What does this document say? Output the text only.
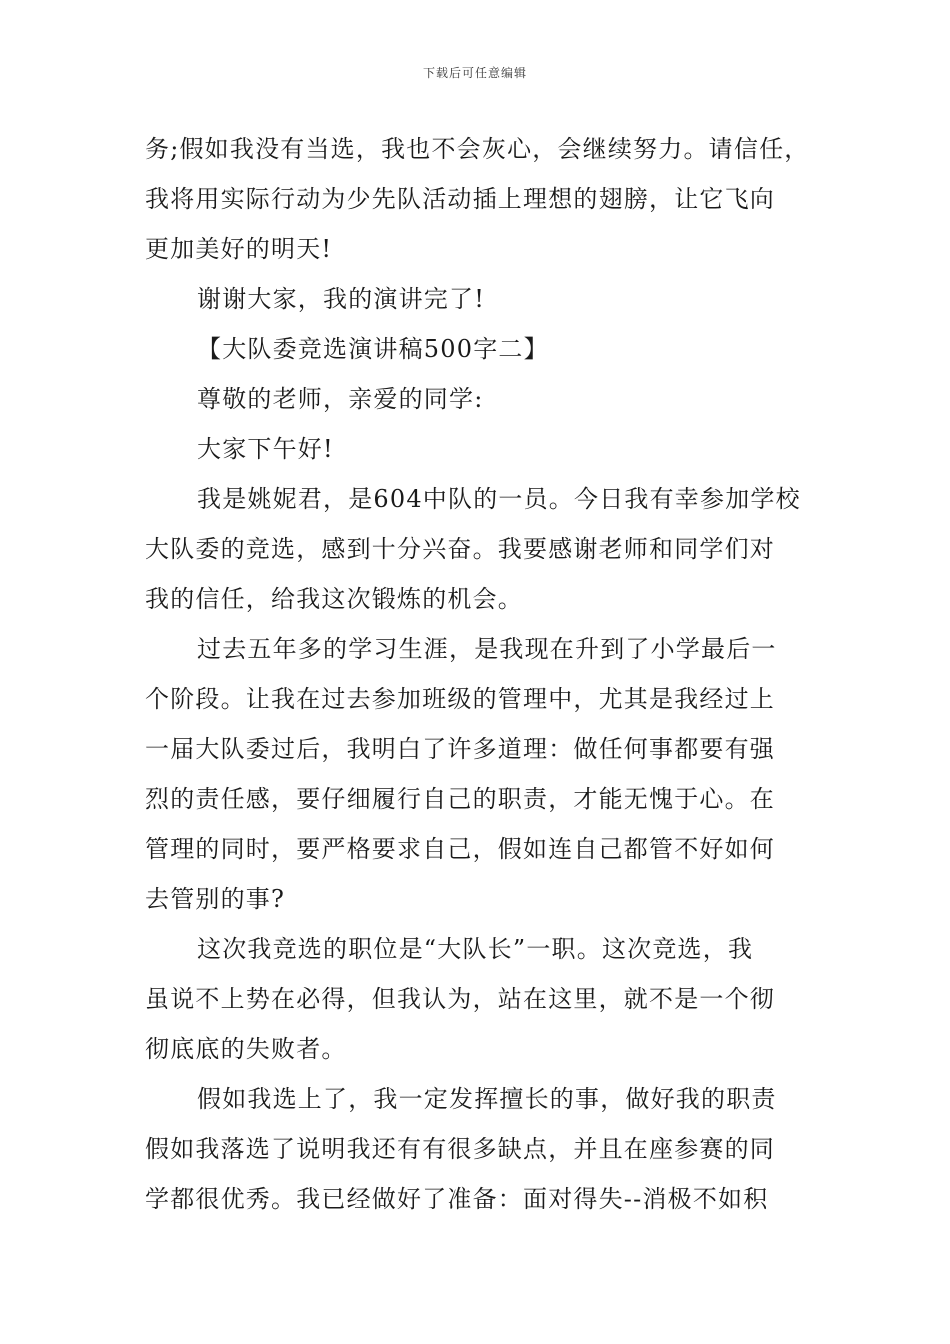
下载后可任意编辑
务;假如我没有当选，我也不会灰心，会继续努力。请信任，
我将用实际行动为少先队活动插上理想的翅膀，让它飞向
更加美好的明天!
谢谢大家，我的演讲完了!
【大队委竞选演讲稿500字二】
尊敬的老师，亲爱的同学:
大家下午好!
我是姚妮君，是604中队的一员。今日我有幸参加学校
大队委的竞选，感到十分兴奋。我要感谢老师和同学们对
我的信任，给我这次锻炼的机会。
过去五年多的学习生涯，是我现在升到了小学最后一
个阶段。让我在过去参加班级的管理中，尤其是我经过上
一届大队委过后，我明白了许多道理：做任何事都要有强
烈的责任感，要仔细履行自己的职责，才能无愧于心。在
管理的同时，要严格要求自己，假如连自己都管不好如何
去管别的事?
这次我竞选的职位是“大队长”一职。这次竞选，我
虽说不上势在必得，但我认为，站在这里，就不是一个彻
彻底底的失败者。
假如我选上了，我一定发挥擅长的事，做好我的职责
假如我落选了说明我还有有很多缺点，并且在座参赛的同
学都很优秀。我已经做好了准备：面对得失--消极不如积
